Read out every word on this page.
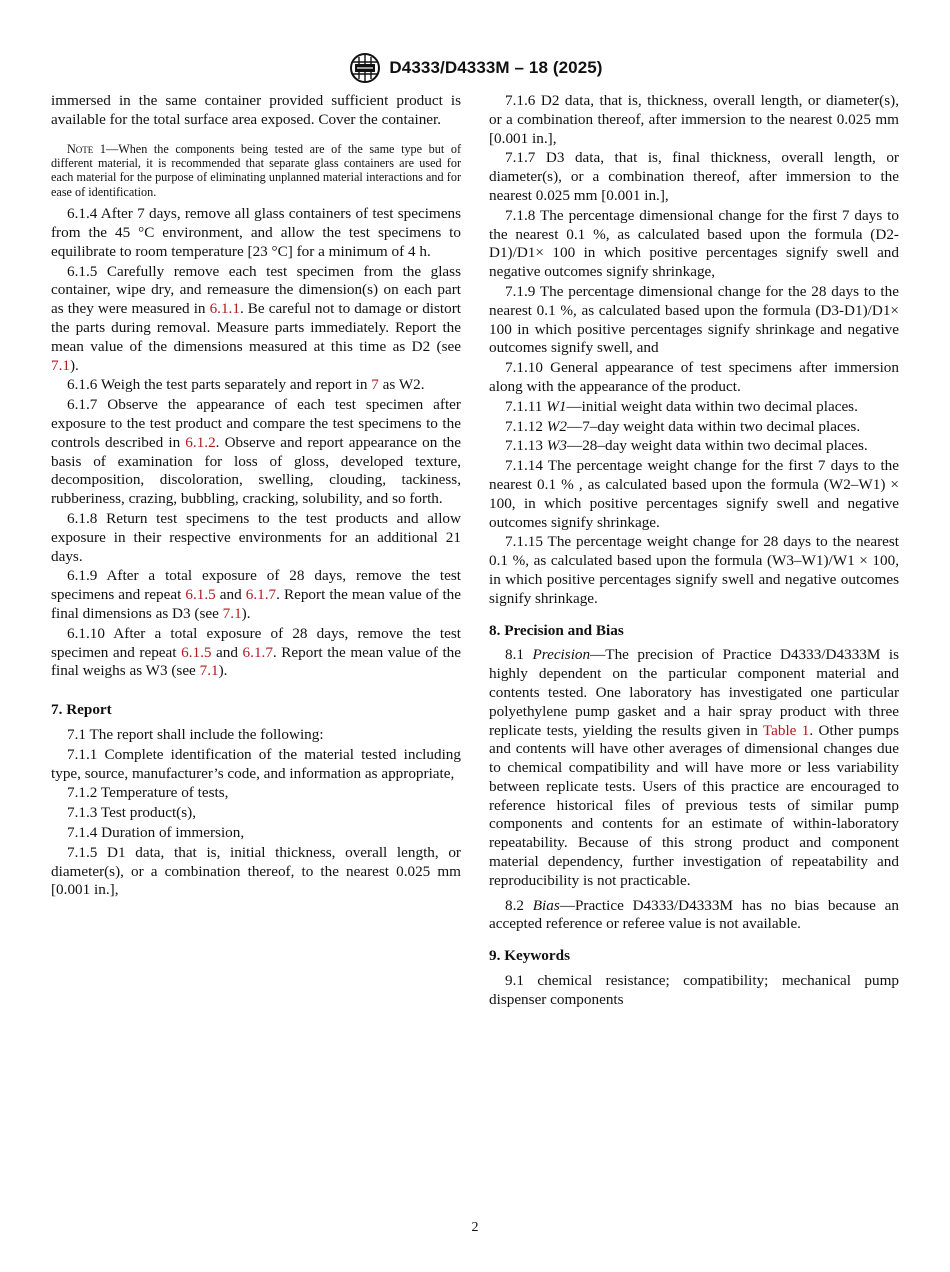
D4333/D4333M – 18 (2025)

immersed in the same container provided sufficient product is available for the total surface area exposed. Cover the container.

Note 1—When the components being tested are of the same type but of different material, it is recommended that separate glass containers are used for each material for the purpose of eliminating unplanned material interactions and for ease of identification.

6.1.4 After 7 days, remove all glass containers of test specimens from the 45 °C environment, and allow the test specimens to equilibrate to room temperature [23 °C] for a minimum of 4 h.

6.1.5 Carefully remove each test specimen from the glass container, wipe dry, and remeasure the dimension(s) on each part as they were measured in 6.1.1. Be careful not to damage or distort the parts during removal. Measure parts immediately. Report the mean value of the dimensions measured at this time as D2 (see 7.1).

6.1.6 Weigh the test parts separately and report in 7 as W2.

6.1.7 Observe the appearance of each test specimen after exposure to the test product and compare the test specimens to the controls described in 6.1.2. Observe and report appearance on the basis of examination for loss of gloss, developed texture, decomposition, discoloration, swelling, clouding, tackiness, rubberiness, crazing, bubbling, cracking, solubility, and so forth.

6.1.8 Return test specimens to the test products and allow exposure in their respective environments for an additional 21 days.

6.1.9 After a total exposure of 28 days, remove the test specimens and repeat 6.1.5 and 6.1.7. Report the mean value of the final dimensions as D3 (see 7.1).

6.1.10 After a total exposure of 28 days, remove the test specimen and repeat 6.1.5 and 6.1.7. Report the mean value of the final weighs as W3 (see 7.1).

7. Report

7.1 The report shall include the following:

7.1.1 Complete identification of the material tested including type, source, manufacturer’s code, and information as appropriate,

7.1.2 Temperature of tests,

7.1.3 Test product(s),

7.1.4 Duration of immersion,

7.1.5 D1 data, that is, initial thickness, overall length, or diameter(s), or a combination thereof, to the nearest 0.025 mm [0.001 in.],

7.1.6 D2 data, that is, thickness, overall length, or diameter(s), or a combination thereof, after immersion to the nearest 0.025 mm [0.001 in.],

7.1.7 D3 data, that is, final thickness, overall length, or diameter(s), or a combination thereof, after immersion to the nearest 0.025 mm [0.001 in.],

7.1.8 The percentage dimensional change for the first 7 days to the nearest 0.1 %, as calculated based upon the formula (D2-D1)/D1× 100 in which positive percentages signify swell and negative outcomes signify shrinkage,

7.1.9 The percentage dimensional change for the 28 days to the nearest 0.1 %, as calculated based upon the formula (D3-D1)/D1× 100 in which positive percentages signify shrinkage and negative outcomes signify swell, and

7.1.10 General appearance of test specimens after immersion along with the appearance of the product.

7.1.11 W1—initial weight data within two decimal places.

7.1.12 W2—7–day weight data within two decimal places.

7.1.13 W3—28–day weight data within two decimal places.

7.1.14 The percentage weight change for the first 7 days to the nearest 0.1 % , as calculated based upon the formula (W2–W1) × 100, in which positive percentages signify swell and negative outcomes signify shrinkage.

7.1.15 The percentage weight change for 28 days to the nearest 0.1 %, as calculated based upon the formula (W3–W1)/W1 × 100, in which positive percentages signify swell and negative outcomes signify shrinkage.

8. Precision and Bias

8.1 Precision—The precision of Practice D4333/D4333M is highly dependent on the particular component material and contents tested. One laboratory has investigated one particular polyethylene pump gasket and a hair spray product with three replicate tests, yielding the results given in Table 1. Other pumps and contents will have other averages of dimensional changes due to chemical compatibility and will have more or less variability between replicate tests. Users of this practice are encouraged to reference historical files of previous tests of similar pump components and contents for an estimate of within-laboratory repeatability. Because of this strong product and component material dependency, further investigation of repeatability and reproducibility is not practicable.

8.2 Bias—Practice D4333/D4333M has no bias because an accepted reference or referee value is not available.

9. Keywords

9.1 chemical resistance; compatibility; mechanical pump dispenser components

2
